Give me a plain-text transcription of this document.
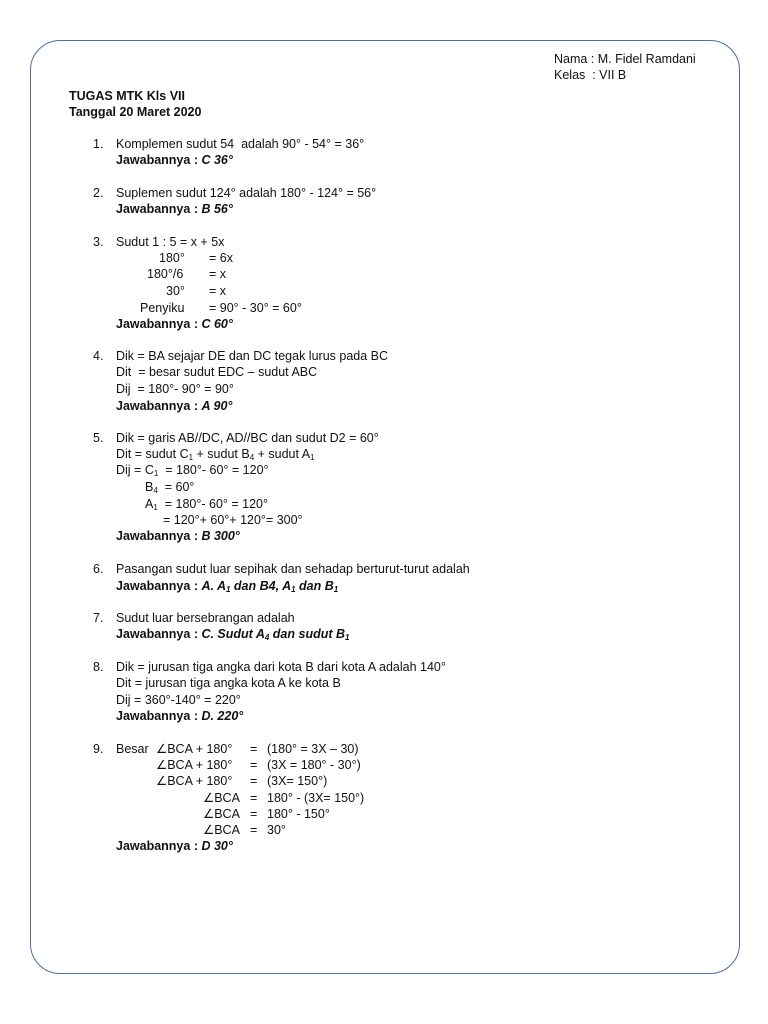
Nama : M. Fidel Ramdani
Kelas  : VII B
TUGAS MTK Kls VII
Tanggal 20 Maret 2020
1. Komplemen sudut 54  adalah 90° - 54° = 36°
Jawabannya : C 36°
2. Suplemen sudut 124° adalah 180° - 124° = 56°
Jawabannya : B 56°
3. Sudut 1 : 5 = x + 5x
180° = 6x
180°/6 = x
30° = x
Penyiku = 90° - 30° = 60°
Jawabannya : C 60°
4. Dik = BA sejajar DE dan DC tegak lurus pada BC
Dit  = besar sudut EDC – sudut ABC
Dij  = 180°- 90° = 90°
Jawabannya : A 90°
5. Dik = garis AB//DC, AD//BC dan sudut D2 = 60°
Dit = sudut $C_1$ + sudut $B_4$ + sudut $A_1$
Dij = $C_1 = 180^\circ-$ 60° = 120°
$B_4 = 60^\circ$
$A_1 = 180^\circ-$ 60° = 120°
= 120°+ 60°+ 120°= 300°
Jawabannya : B 300°
6. Pasangan sudut luar sepihak dan sehadap berturut-turut adalah
Jawabannya : A. $A_1$ dan B4, $A_1$ dan $B_1$
7. Sudut luar bersebrangan adalah
Jawabannya : C. Sudut $A_4$ dan sudut $B_1$
8. Dik = jurusan tiga angka dari kota B dari kota A adalah 140°
Dit = jurusan tiga angka kota A ke kota B
Dij = 360°-140° = 220°
Jawabannya : D. 220°
9. Besar ∠BCA + 180° = (180° = 3X – 30)
∠BCA + 180° = (3X = 180° - 30°)
∠BCA + 180° = (3X= 150°)
∠BCA = 180° - (3X= 150°)
∠BCA = 180° - 150°
∠BCA = 30°
Jawabannya : D 30°
